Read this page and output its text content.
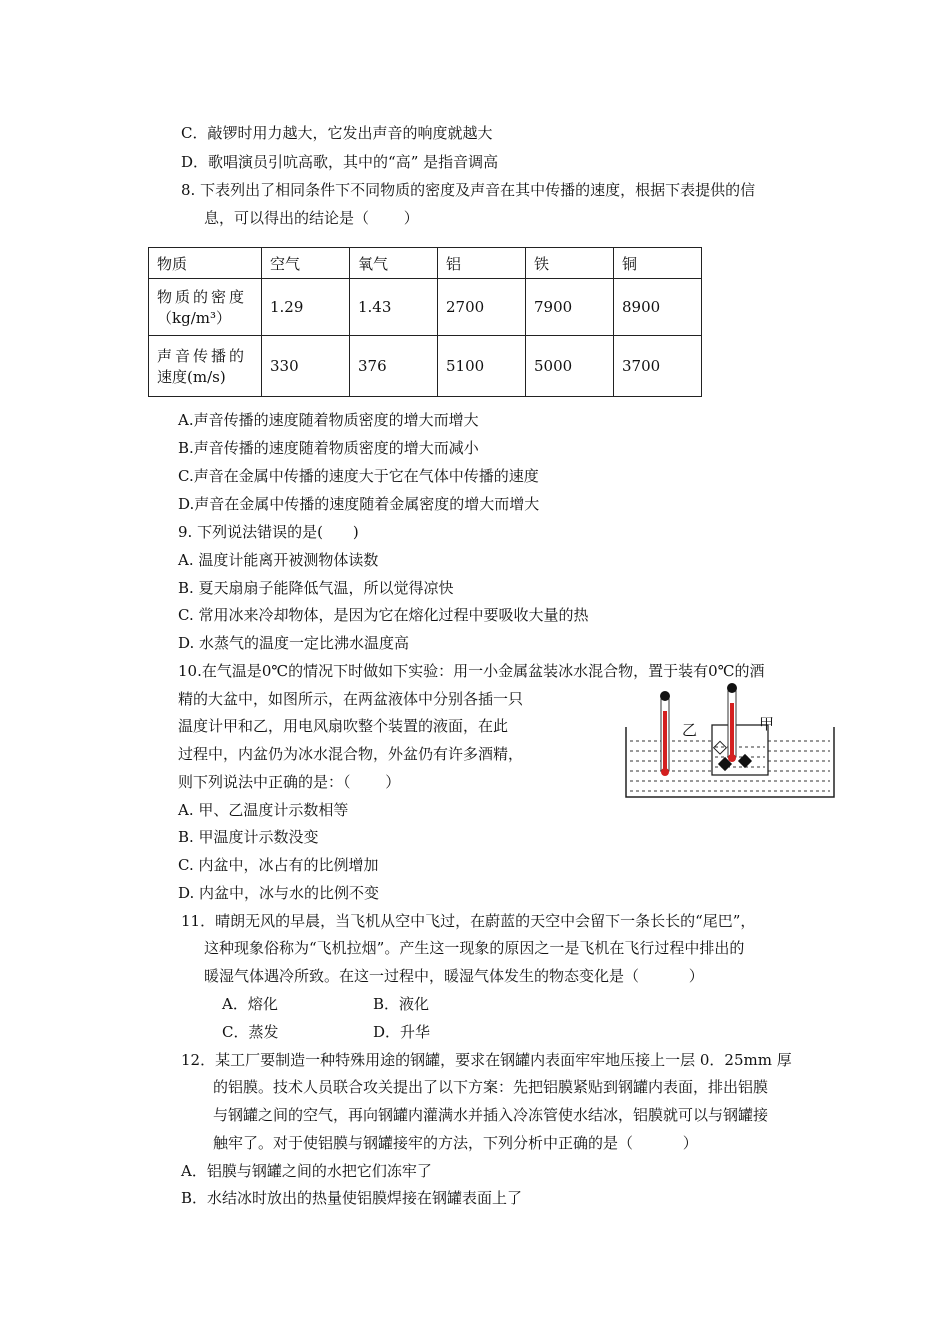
C．敲锣时用力越大，它发出声音的响度就越大
D．歌唱演员引吭高歌，其中的“高” 是指音调高
8. 下表列出了相同条件下不同物质的密度及声音在其中传播的速度，根据下表提供的信
息，可以得出的结论是（　　 ）
物质	空气	氧气	铝	铁	铜

物质的密度
（kg/m³）	1.29	1.43	2700	7900	8900

声音传播的
速度(m/s)	330	376	5100	5000	3700
A.声音传播的速度随着物质密度的增大而增大
B.声音传播的速度随着物质密度的增大而减小
C.声音在金属中传播的速度大于它在气体中传播的速度
D.声音在金属中传播的速度随着金属密度的增大而增大
9. 下列说法错误的是(　　)
A. 温度计能离开被测物体读数
B. 夏天扇扇子能降低气温，所以觉得凉快
C. 常用冰来冷却物体，是因为它在熔化过程中要吸收大量的热
D. 水蒸气的温度一定比沸水温度高
10.在气温是0℃的情况下时做如下实验：用一小金属盆装冰水混合物，置于装有0℃的酒
精的大盆中，如图所示，在两盆液体中分别各插一只
温度计甲和乙，用电风扇吹整个装置的液面，在此
过程中，内盆仍为冰水混合物，外盆仍有许多酒精，
则下列说法中正确的是：（　　 ）
乙	甲
A. 甲、乙温度计示数相等
B. 甲温度计示数没变
C. 内盆中，冰占有的比例增加
D. 内盆中，冰与水的比例不变
11．晴朗无风的早晨，当飞机从空中飞过，在蔚蓝的天空中会留下一条长长的“尾巴”，
这种现象俗称为“飞机拉烟”。产生这一现象的原因之一是飞机在飞行过程中排出的
暖湿气体遇冷所致。在这一过程中，暖湿气体发生的物态变化是（　　　 ）
A．熔化	B．液化
C．蒸发	D．升华
12．某工厂要制造一种特殊用途的钢罐，要求在钢罐内表面牢牢地压接上一层 0．25mm 厚
的铝膜。技术人员联合攻关提出了以下方案：先把铝膜紧贴到钢罐内表面，排出铝膜
与钢罐之间的空气，再向钢罐内灌满水并插入冷冻管使水结冰，铝膜就可以与钢罐接
触牢了。对于使铝膜与钢罐接牢的方法，下列分析中正确的是（　　　 ）
A．铝膜与钢罐之间的水把它们冻牢了
B．水结冰时放出的热量使铝膜焊接在钢罐表面上了
